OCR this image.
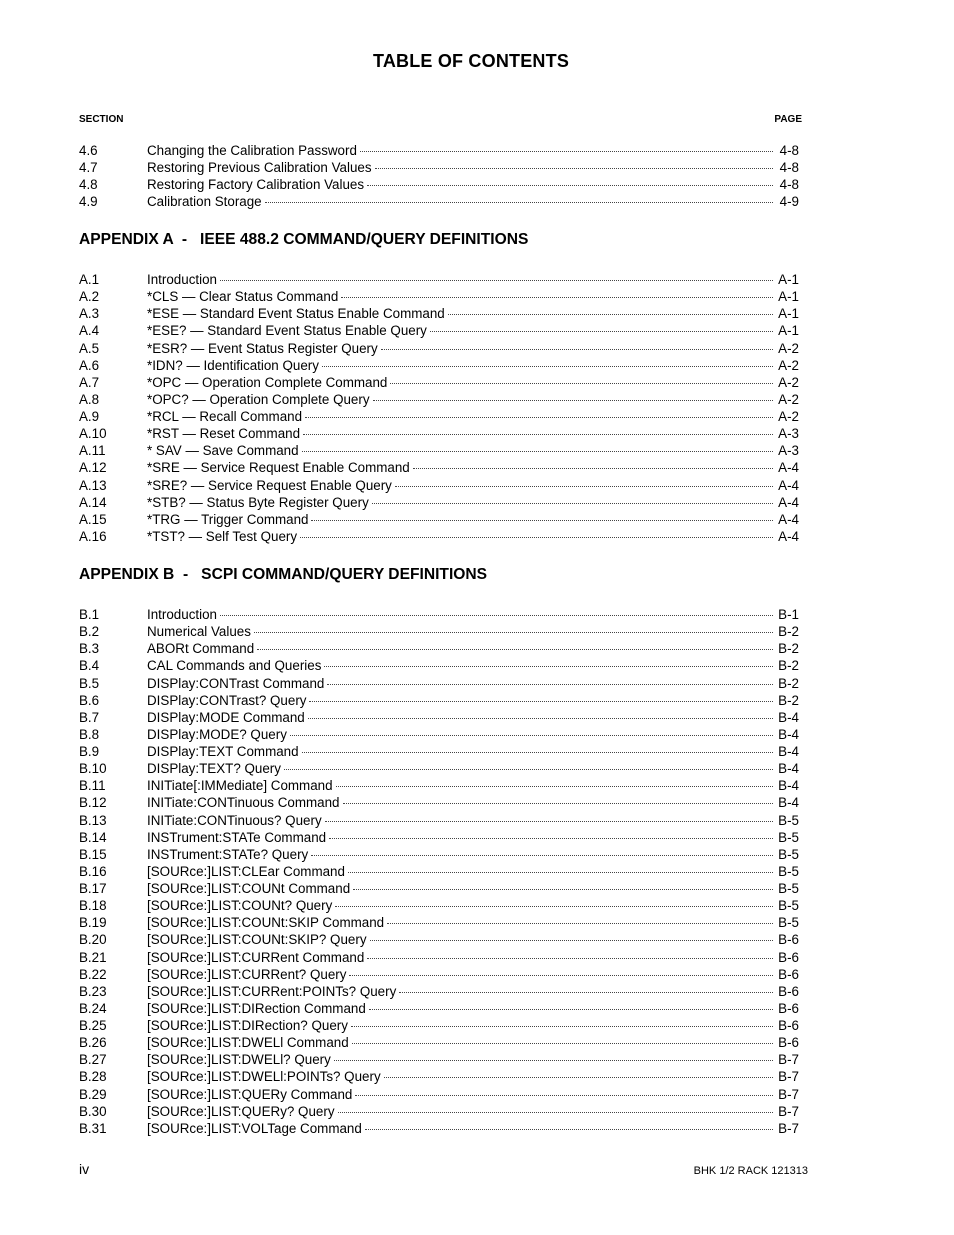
TABLE OF CONTENTS
SECTION	PAGE
4.6	Changing the Calibration Password	4-8
4.7	Restoring Previous Calibration Values	4-8
4.8	Restoring Factory Calibration Values	4-8
4.9	Calibration Storage	4-9
APPENDIX A  -   IEEE 488.2 COMMAND/QUERY DEFINITIONS
A.1	Introduction	A-1
A.2	*CLS — Clear Status Command	A-1
A.3	*ESE — Standard Event Status Enable Command	A-1
A.4	*ESE? — Standard Event Status Enable Query	A-1
A.5	*ESR? — Event Status Register Query	A-2
A.6	*IDN? — Identification Query	A-2
A.7	*OPC — Operation Complete Command	A-2
A.8	*OPC? — Operation Complete Query	A-2
A.9	*RCL — Recall Command	A-2
A.10	*RST — Reset Command	A-3
A.11	* SAV — Save Command	A-3
A.12	*SRE — Service Request Enable Command	A-4
A.13	*SRE? — Service Request Enable Query	A-4
A.14	*STB? — Status Byte Register Query	A-4
A.15	*TRG — Trigger Command	A-4
A.16	*TST? — Self Test Query	A-4
APPENDIX B  -   SCPI COMMAND/QUERY DEFINITIONS
B.1	Introduction	B-1
B.2	Numerical Values	B-2
B.3	ABORt Command	B-2
B.4	CAL Commands and Queries	B-2
B.5	DISPlay:CONTrast Command	B-2
B.6	DISPlay:CONTrast? Query	B-2
B.7	DISPlay:MODE Command	B-4
B.8	DISPlay:MODE? Query	B-4
B.9	DISPlay:TEXT Command	B-4
B.10	DISPlay:TEXT? Query	B-4
B.11	INITiate[:IMMediate] Command	B-4
B.12	INITiate:CONTinuous Command	B-4
B.13	INITiate:CONTinuous? Query	B-5
B.14	INSTrument:STATe Command	B-5
B.15	INSTrument:STATe? Query	B-5
B.16	[SOURce:]LIST:CLEar Command	B-5
B.17	[SOURce:]LIST:COUNt Command	B-5
B.18	[SOURce:]LIST:COUNt? Query	B-5
B.19	[SOURce:]LIST:COUNt:SKIP Command	B-5
B.20	[SOURce:]LIST:COUNt:SKIP? Query	B-6
B.21	[SOURce:]LIST:CURRent Command	B-6
B.22	[SOURce:]LIST:CURRent? Query	B-6
B.23	[SOURce:]LIST:CURRent:POINTs? Query	B-6
B.24	[SOURce:]LIST:DIRection Command	B-6
B.25	[SOURce:]LIST:DIRection? Query	B-6
B.26	[SOURce:]LIST:DWELl Command	B-6
B.27	[SOURce:]LIST:DWELl? Query	B-7
B.28	[SOURce:]LIST:DWELl:POINTs? Query	B-7
B.29	[SOURce:]LIST:QUERy Command	B-7
B.30	[SOURce:]LIST:QUERy? Query	B-7
B.31	[SOURce:]LIST:VOLTage Command	B-7
iv	BHK 1/2 RACK 121313
